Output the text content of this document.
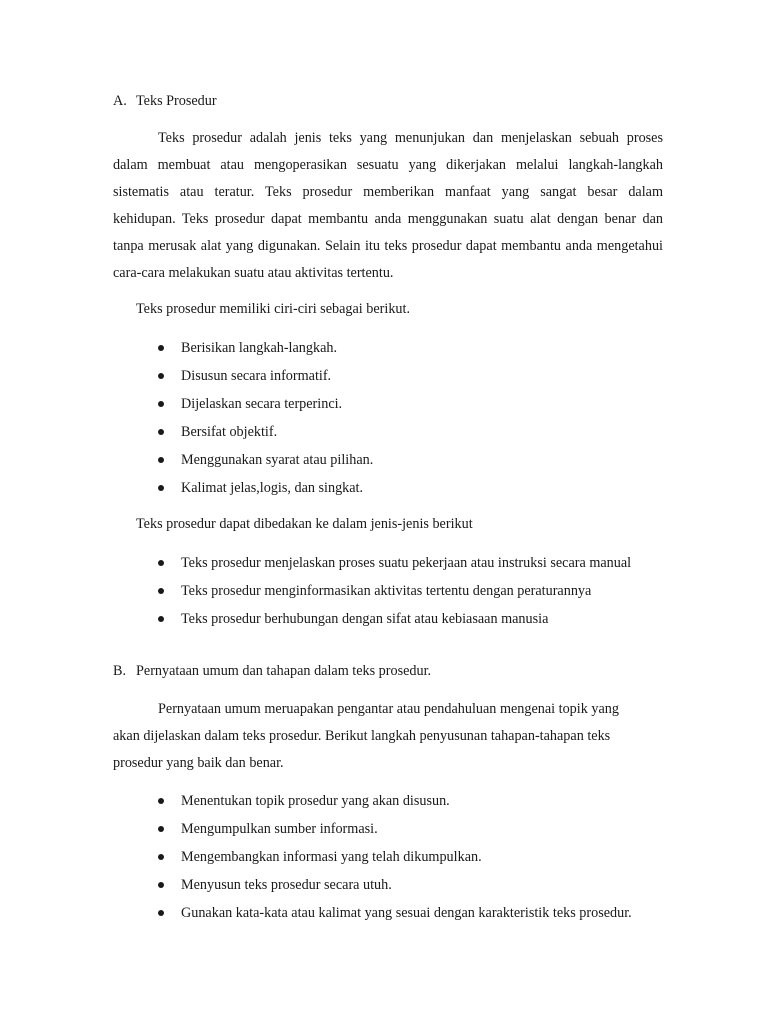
A. Teks Prosedur
Teks prosedur adalah jenis teks yang menunjukan dan menjelaskan sebuah proses
dalam membuat atau mengoperasikan sesuatu yang dikerjakan melalui langkah-langkah
sistematis atau teratur. Teks prosedur memberikan manfaat yang sangat besar dalam
kehidupan. Teks prosedur dapat membantu anda menggunakan suatu alat dengan benar dan
tanpa merusak alat yang digunakan. Selain itu teks prosedur dapat membantu anda mengetahui
cara-cara melakukan suatu atau aktivitas tertentu.
Teks prosedur memiliki ciri-ciri sebagai berikut.
Berisikan langkah-langkah.
Disusun secara informatif.
Dijelaskan secara terperinci.
Bersifat objektif.
Menggunakan syarat atau pilihan.
Kalimat jelas,logis, dan singkat.
Teks prosedur dapat dibedakan ke dalam jenis-jenis berikut
Teks prosedur menjelaskan proses suatu pekerjaan atau instruksi secara manual
Teks prosedur menginformasikan aktivitas tertentu dengan peraturannya
Teks prosedur berhubungan dengan sifat atau kebiasaan manusia
B. Pernyataan umum dan tahapan dalam teks prosedur.
Pernyataan umum meruapakan pengantar atau pendahuluan mengenai topik yang
akan dijelaskan dalam teks prosedur. Berikut langkah penyusunan tahapan-tahapan teks
prosedur yang baik dan benar.
Menentukan topik prosedur yang akan disusun.
Mengumpulkan sumber informasi.
Mengembangkan informasi yang telah dikumpulkan.
Menyusun teks prosedur secara utuh.
Gunakan kata-kata atau kalimat yang sesuai dengan karakteristik teks prosedur.
